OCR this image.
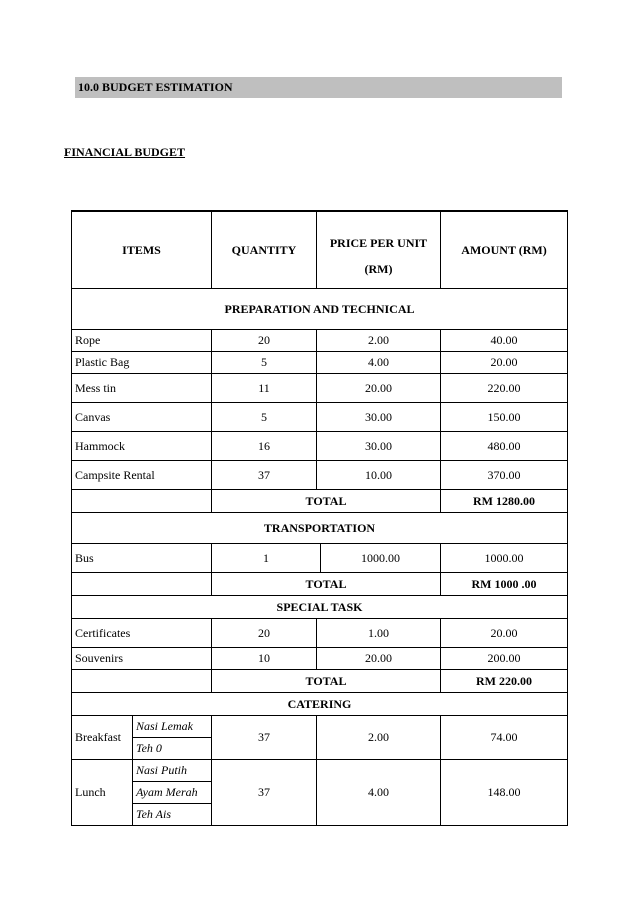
10.0 BUDGET ESTIMATION
FINANCIAL BUDGET

ITEMS		QUANTITY	PRICE PER UNIT (RM)		AMOUNT (RM)
PREPARATION AND TECHNICAL					
Rope		20	2.00		40.00
Plastic Bag		5	4.00		20.00
Mess tin		11	20.00		220.00
Canvas		5	30.00		150.00
Hammock		16	30.00		480.00
Campsite Rental		37	10.00		370.00
		TOTAL			RM 1280.00
TRANSPORTATION					
Bus		1		1000.00	1000.00
		TOTAL			RM 1000 .00
SPECIAL TASK					
Certificates		20	1.00		20.00
Souvenirs		10	20.00		200.00
		TOTAL			RM 220.00
CATERING					
Breakfast	Nasi Lemak	37	2.00		74.00
	Teh 0				
Lunch	Nasi Putih	37	4.00		148.00
	Ayam Merah				
	Teh Ais				
